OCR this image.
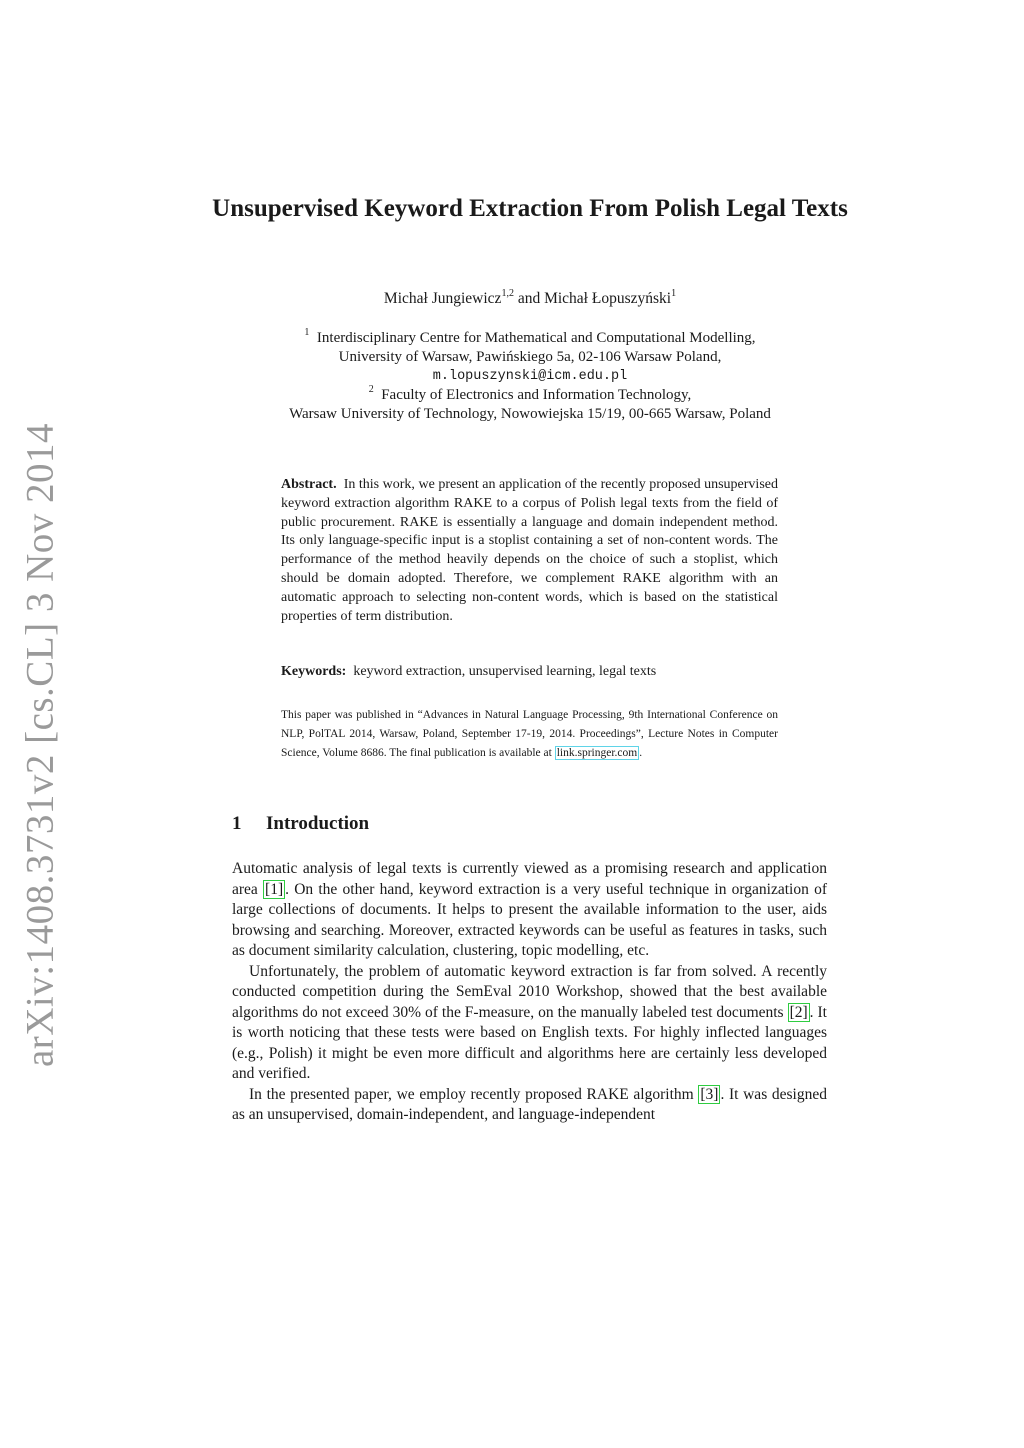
arXiv:1408.3731v2 [cs.CL] 3 Nov 2014
Unsupervised Keyword Extraction From Polish Legal Texts
Michał Jungiewicz$^{1,2}$ and Michał Łopuszyński$^1$
$^1$ Interdisciplinary Centre for Mathematical and Computational Modelling,
University of Warsaw, Pawińskiego 5a, 02-106 Warsaw Poland,
m.lopuszynski@icm.edu.pl
$^2$ Faculty of Electronics and Information Technology,
Warsaw University of Technology, Nowowiejska 15/19, 00-665 Warsaw, Poland
Abstract. In this work, we present an application of the recently proposed unsupervised keyword extraction algorithm RAKE to a corpus of Polish legal texts from the field of public procurement. RAKE is essentially a language and domain independent method. Its only language-specific input is a stoplist containing a set of non-content words. The performance of the method heavily depends on the choice of such a stoplist, which should be domain adopted. Therefore, we complement RAKE algorithm with an automatic approach to selecting non-content words, which is based on the statistical properties of term distribution.
Keywords: keyword extraction, unsupervised learning, legal texts
This paper was published in “Advances in Natural Language Processing, 9th International Conference on NLP, PolTAL 2014, Warsaw, Poland, September 17-19, 2014. Proceedings”, Lecture Notes in Computer Science, Volume 8686. The final publication is available at link.springer.com .
1 Introduction

Automatic analysis of legal texts is currently viewed as a promising research and application area [1] . On the other hand, keyword extraction is a very useful technique in organization of large collections of documents. It helps to present the available information to the user, aids browsing and searching. Moreover, extracted keywords can be useful as features in tasks, such as document similarity calculation, clustering, topic modelling, etc.

Unfortunately, the problem of automatic keyword extraction is far from solved. A recently conducted competition during the SemEval 2010 Workshop, showed that the best available algorithms do not exceed 30% of the F-measure, on the manually labeled test documents [2] . It is worth noticing that these tests were based on English texts. For highly inflected languages (e.g., Polish) it might be even more difficult and algorithms here are certainly less developed and verified.

In the presented paper, we employ recently proposed RAKE algorithm [3] . It was designed as an unsupervised, domain-independent, and language-independent
